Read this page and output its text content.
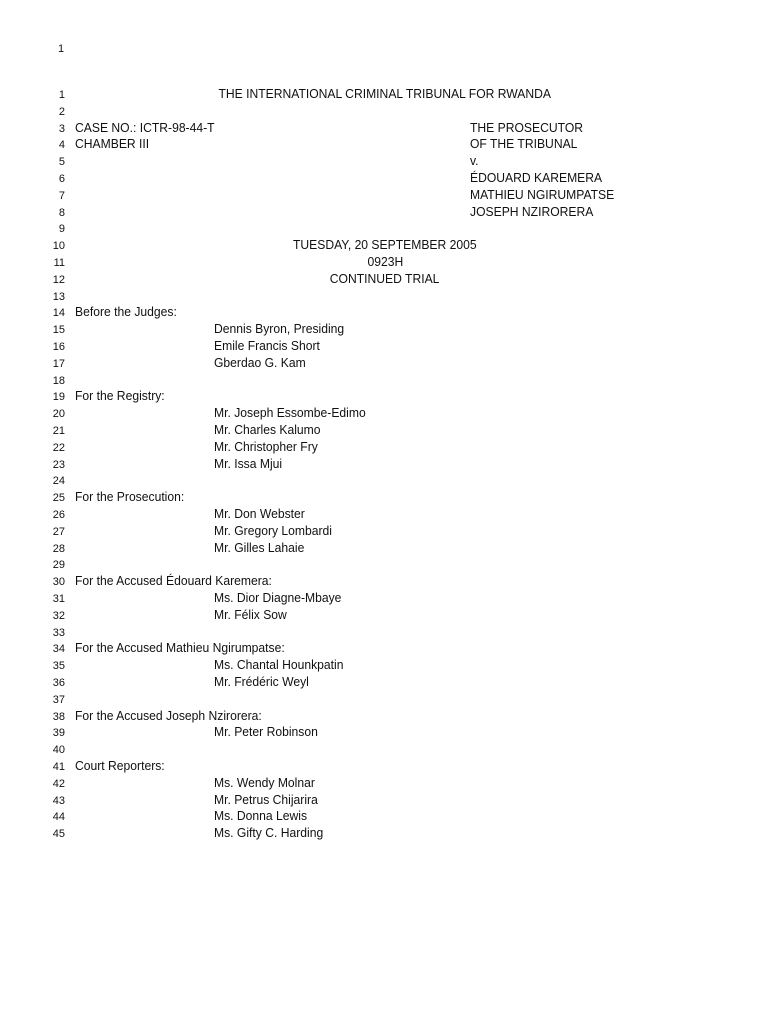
1
1	THE INTERNATIONAL CRIMINAL TRIBUNAL FOR RWANDA
2
3 CASE NO.: ICTR-98-44-T	THE PROSECUTOR
4 CHAMBER III	OF THE TRIBUNAL
5	v.
6	ÉDOUARD KAREMERA
7	MATHIEU NGIRUMPATSE
8	JOSEPH NZIRORERA
9
10	TUESDAY, 20 SEPTEMBER 2005
11	0923H
12	CONTINUED TRIAL
13
14 Before the Judges:
15	Dennis Byron, Presiding
16	Emile Francis Short
17	Gberdao G. Kam
18
19 For the Registry:
20	Mr. Joseph Essombe-Edimo
21	Mr. Charles Kalumo
22	Mr. Christopher Fry
23	Mr. Issa Mjui
24
25 For the Prosecution:
26	Mr. Don Webster
27	Mr. Gregory Lombardi
28	Mr. Gilles Lahaie
29
30 For the Accused Édouard Karemera:
31	Ms. Dior Diagne-Mbaye
32	Mr. Félix Sow
33
34 For the Accused Mathieu Ngirumpatse:
35	Ms. Chantal Hounkpatin
36	Mr. Frédéric Weyl
37
38 For the Accused Joseph Nzirorera:
39	Mr. Peter Robinson
40
41 Court Reporters:
42	Ms. Wendy Molnar
43	Mr. Petrus Chijarira
44	Ms. Donna Lewis
45	Ms. Gifty C. Harding
